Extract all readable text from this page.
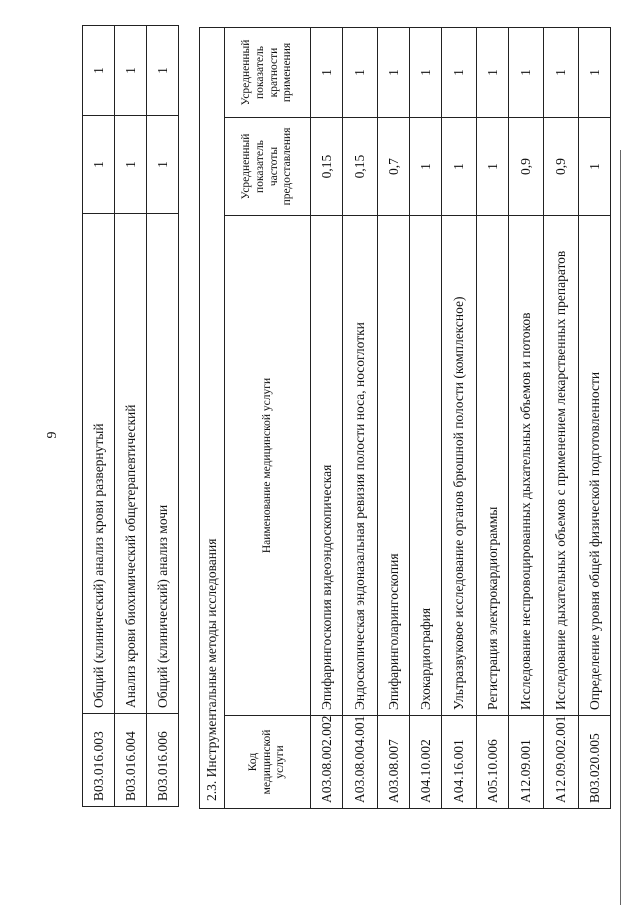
9
B03.016.003	Общий (клинический) анализ крови развернутый	1	1
B03.016.004	Анализ крови биохимический общетерапевтический	1	1
B03.016.006	Общий (клинический) анализ мочи	1	1
2.3. Инструментальные методы исследования			
Код медицинской услуги	Наименование медицинской услуги	Усредненный показатель частоты предоставления	Усредненный показатель кратности применения
A03.08.002.002	Эпифарингоскопия видеоэндоскопическая	0,15	1
A03.08.004.001	Эндоскопическая эндоназальная ревизия полости носа, носоглотки	0,15	1
A03.08.007	Эпифаринголарингоскопия	0,7	1
A04.10.002	Эхокардиография	1	1
A04.16.001	Ультразвуковое исследование органов брюшной полости (комплексное)	1	1
A05.10.006	Регистрация электрокардиограммы	1	1
A12.09.001	Исследование неспровоцированных дыхательных объемов и потоков	0,9	1
A12.09.002.001	Исследование дыхательных объемов с применением лекарственных препаратов	0,9	1
B03.020.005	Определение уровня общей физической подготовленности	1	1
